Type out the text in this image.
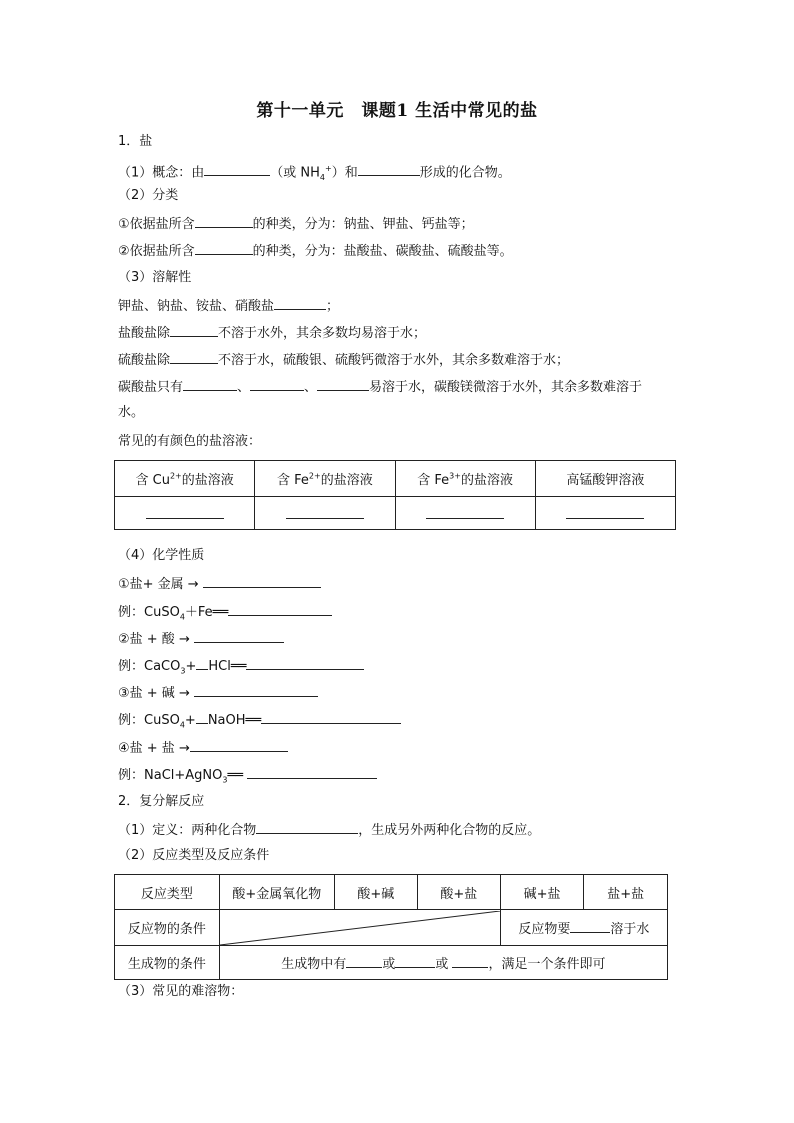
第十一单元　课题1 生活中常见的盐
1．盐
（1）概念：由	（或 $NH_4^+$）和	形成的化合物。
（2）分类
①依据盐所含	的种类，分为：钠盐、钾盐、钙盐等；
②依据盐所含	的种类，分为：盐酸盐、碳酸盐、硫酸盐等。
（3）溶解性
钾盐、钠盐、铵盐、硝酸盐	；
盐酸盐除	不溶于水外，其余多数均易溶于水；
硫酸盐除	不溶于水，硫酸银、硫酸钙微溶于水外，其余多数难溶于水；
碳酸盐只有	、	、	易溶于水，碳酸镁微溶于水外，其余多数难溶于
水。
常见的有颜色的盐溶液：
含 $Cu^{2+}$的盐溶液	含 $Fe^{2+}$的盐溶液	含 $Fe^{3+}$的盐溶液	高锰酸钾溶液

（4）化学性质
①盐+ 金属 →
例：CuSO$_4$＋Fe══
②盐 + 酸 →
例：CaCO$_3$+ HCl══
③盐 + 碱 →
例：CuSO$_4$+ NaOH══
④盐 + 盐 →
例：NaCl+AgNO$_3$══
2．复分解反应
（1）定义：两种化合物	，生成另外两种化合物的反应。
（2）反应类型及反应条件
反应类型	酸+金属氧化物	酸+碱	酸+盐	碱+盐	盐+盐
反应物的条件				反应物要 溶于水	
生成物的条件	生成物中有 或 或 ，满足一个条件即可				
（3）常见的难溶物：
